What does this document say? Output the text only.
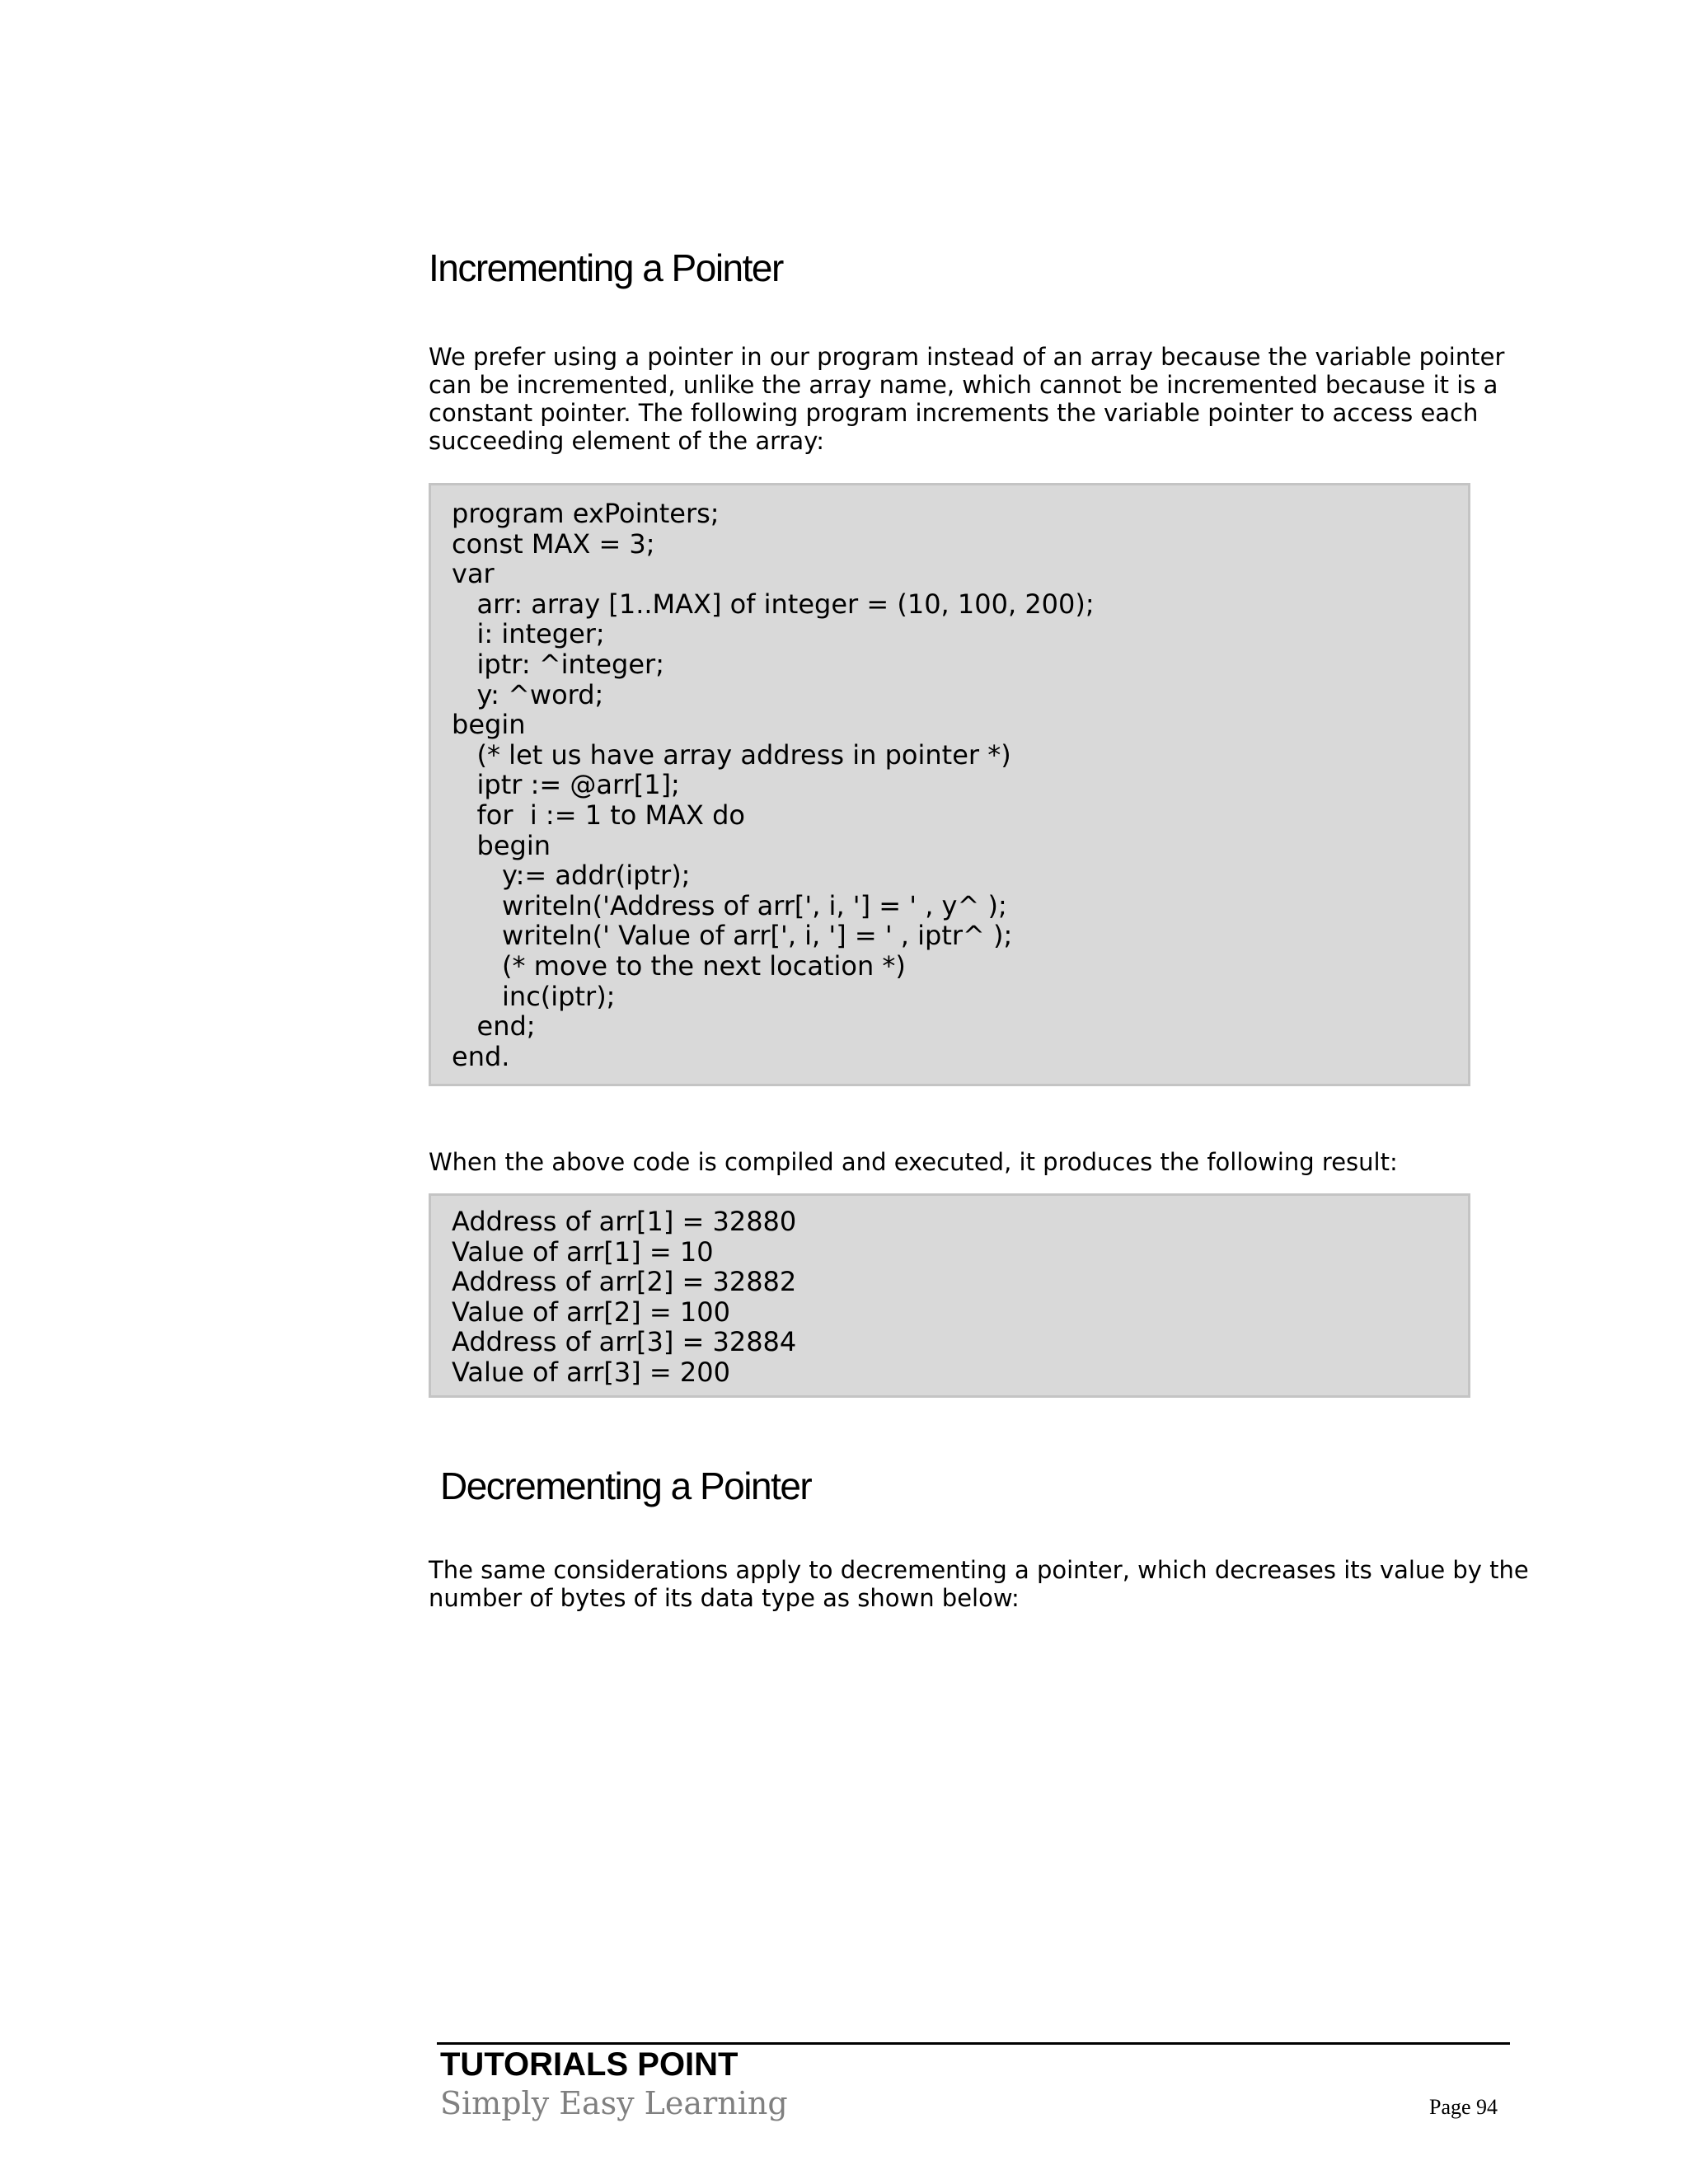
Incrementing a Pointer

We prefer using a pointer in our program instead of an array because the variable pointer
can be incremented, unlike the array name, which cannot be incremented because it is a
constant pointer. The following program increments the variable pointer to access each
succeeding element of the array:

program exPointers;
const MAX = 3;
var
arr: array [1..MAX] of integer = (10, 100, 200);
i: integer;
iptr: ^integer;
y: ^word;
begin
(* let us have array address in pointer *)
iptr := @arr[1];
for  i := 1 to MAX do
begin
y:= addr(iptr);
writeln('Address of arr[', i, '] = ' , y^ );
writeln(' Value of arr[', i, '] = ' , iptr^ );
(* move to the next location *)
inc(iptr);
end;
end.

When the above code is compiled and executed, it produces the following result:

Address of arr[1] = 32880
Value of arr[1] = 10
Address of arr[2] = 32882
Value of arr[2] = 100
Address of arr[3] = 32884
Value of arr[3] = 200
Decrementing a Pointer

The same considerations apply to decrementing a pointer, which decreases its value by the
number of bytes of its data type as shown below:

TUTORIALS POINT
Simply Easy Learning	Page 94
